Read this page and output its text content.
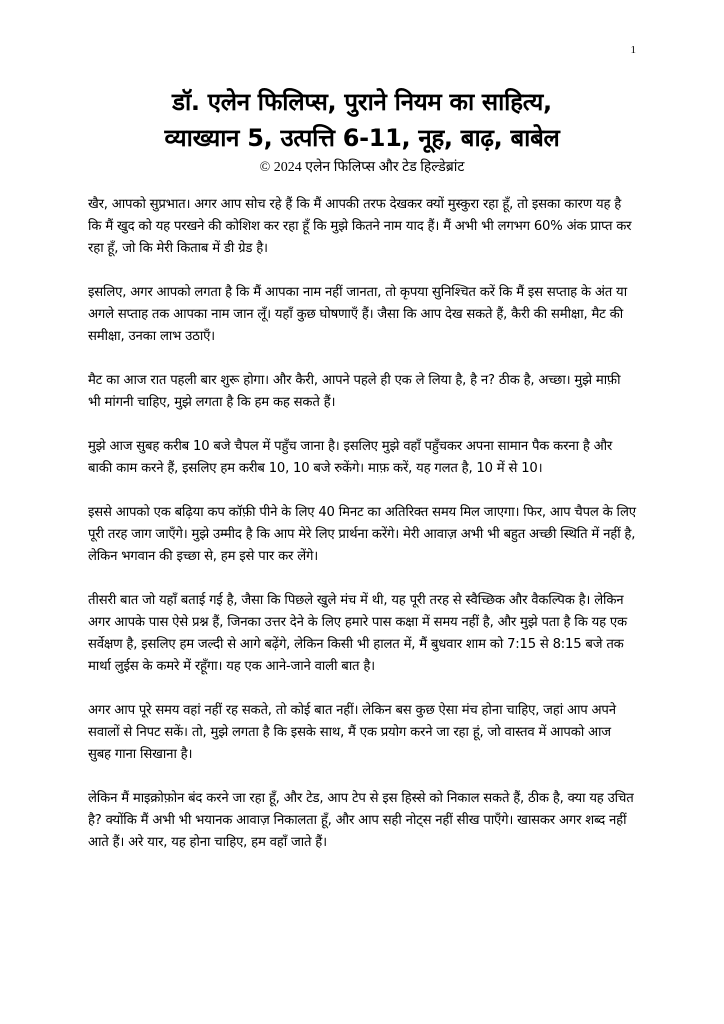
1
डॉ. एलेन फिलिप्स, पुराने नियम का साहित्य,
व्याख्यान 5, उत्पत्ति 6-11, नूह, बाढ़, बाबेल
© 2024 एलेन फिलिप्स और टेड हिल्डेब्रांट

खैर, आपको सुप्रभात। अगर आप सोच रहे हैं कि मैं आपकी तरफ देखकर क्यों मुस्कुरा रहा हूँ, तो इसका कारण यह है कि मैं खुद को यह परखने की कोशिश कर रहा हूँ कि मुझे कितने नाम याद हैं। मैं अभी भी लगभग 60% अंक प्राप्त कर रहा हूँ, जो कि मेरी किताब में डी ग्रेड है।

इसलिए, अगर आपको लगता है कि मैं आपका नाम नहीं जानता, तो कृपया सुनिश्चित करें कि मैं इस सप्ताह के अंत या अगले सप्ताह तक आपका नाम जान लूँ। यहाँ कुछ घोषणाएँ हैं। जैसा कि आप देख सकते हैं, कैरी की समीक्षा, मैट की समीक्षा, उनका लाभ उठाएँ।

मैट का आज रात पहली बार शुरू होगा। और कैरी, आपने पहले ही एक ले लिया है, है न? ठीक है, अच्छा। मुझे माफ़ी भी मांगनी चाहिए, मुझे लगता है कि हम कह सकते हैं।

मुझे आज सुबह करीब 10 बजे चैपल में पहुँच जाना है। इसलिए मुझे वहाँ पहुँचकर अपना सामान पैक करना है और बाकी काम करने हैं, इसलिए हम करीब 10, 10 बजे रुकेंगे। माफ़ करें, यह गलत है, 10 में से 10।

इससे आपको एक बढ़िया कप कॉफ़ी पीने के लिए 40 मिनट का अतिरिक्त समय मिल जाएगा। फिर, आप चैपल के लिए पूरी तरह जाग जाएँगे। मुझे उम्मीद है कि आप मेरे लिए प्रार्थना करेंगे। मेरी आवाज़ अभी भी बहुत अच्छी स्थिति में नहीं है, लेकिन भगवान की इच्छा से, हम इसे पार कर लेंगे।

तीसरी बात जो यहाँ बताई गई है, जैसा कि पिछले खुले मंच में थी, यह पूरी तरह से स्वैच्छिक और वैकल्पिक है। लेकिन अगर आपके पास ऐसे प्रश्न हैं, जिनका उत्तर देने के लिए हमारे पास कक्षा में समय नहीं है, और मुझे पता है कि यह एक सर्वेक्षण है, इसलिए हम जल्दी से आगे बढ़ेंगे, लेकिन किसी भी हालत में, मैं बुधवार शाम को 7:15 से 8:15 बजे तक मार्था लुईस के कमरे में रहूँगा। यह एक आने-जाने वाली बात है।

अगर आप पूरे समय वहां नहीं रह सकते, तो कोई बात नहीं। लेकिन बस कुछ ऐसा मंच होना चाहिए, जहां आप अपने सवालों से निपट सकें। तो, मुझे लगता है कि इसके साथ, मैं एक प्रयोग करने जा रहा हूं, जो वास्तव में आपको आज सुबह गाना सिखाना है।

लेकिन मैं माइक्रोफ़ोन बंद करने जा रहा हूँ, और टेड, आप टेप से इस हिस्से को निकाल सकते हैं, ठीक है, क्या यह उचित है? क्योंकि मैं अभी भी भयानक आवाज़ निकालता हूँ, और आप सही नोट्स नहीं सीख पाएँगे। खासकर अगर शब्द नहीं आते हैं। अरे यार, यह होना चाहिए, हम वहाँ जाते हैं।
